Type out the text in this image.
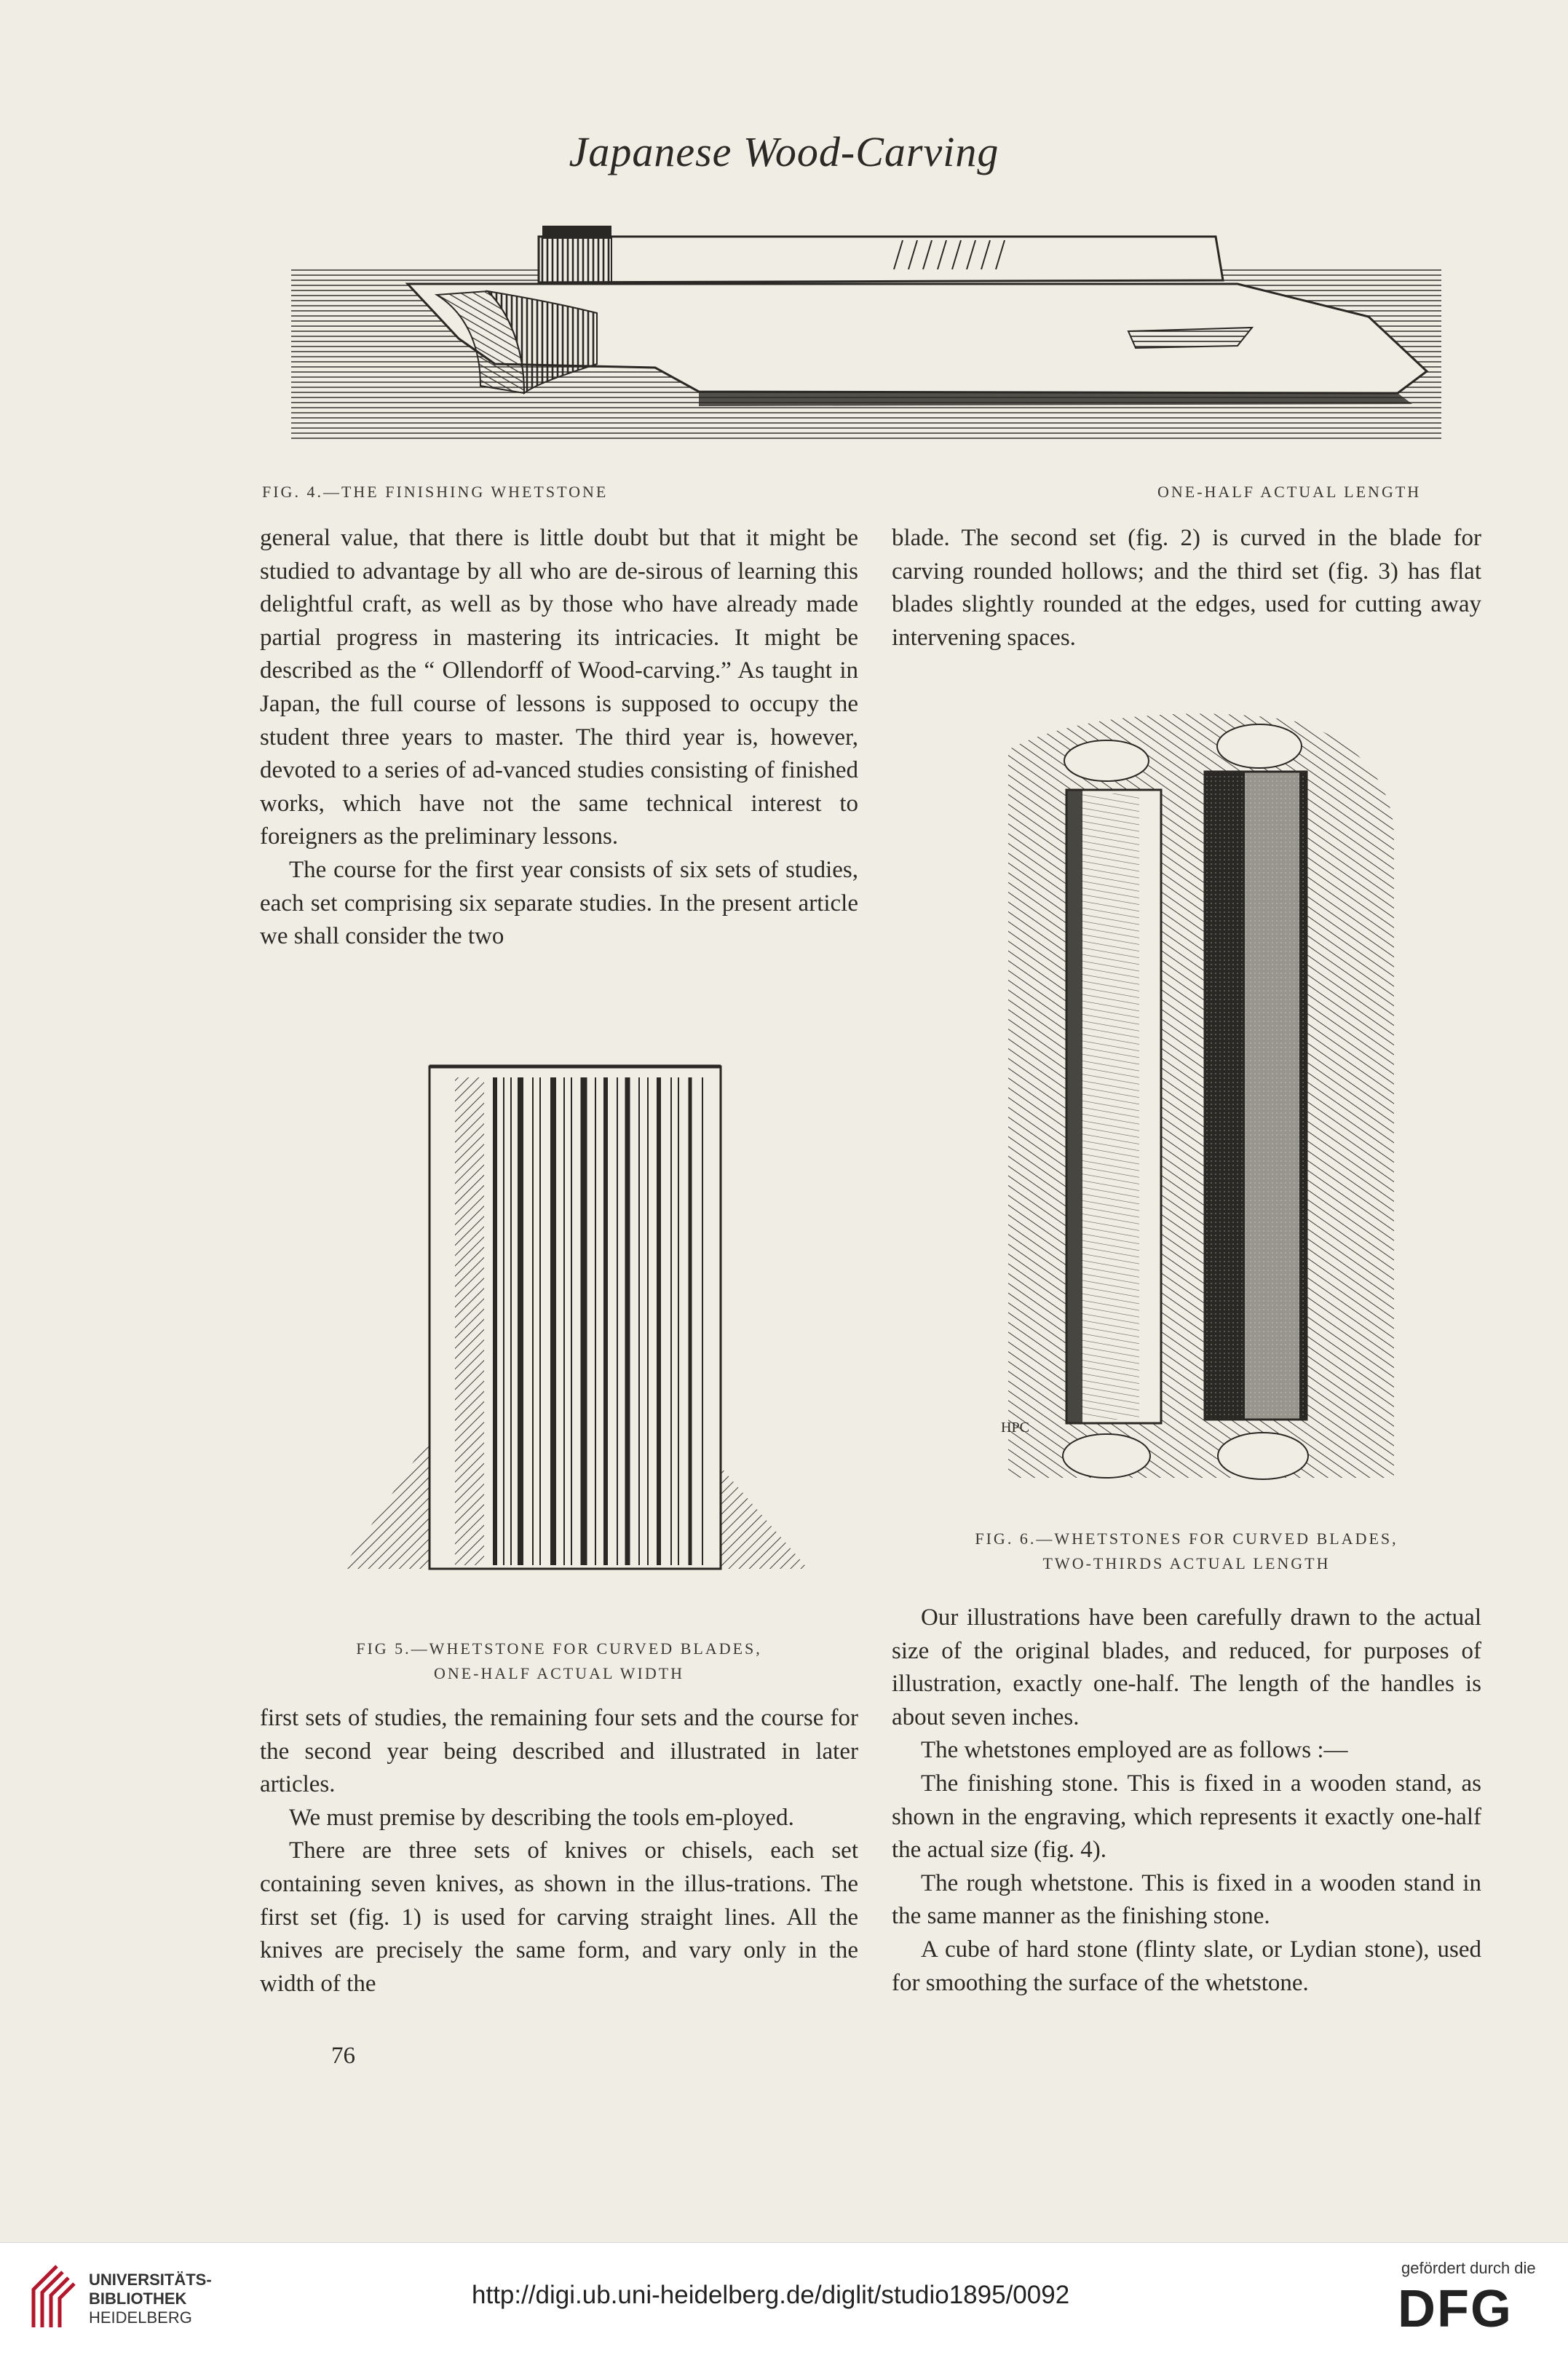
Japanese Wood-Carving
FIG. 4.—THE FINISHING WHETSTONE	ONE-HALF ACTUAL LENGTH

general value, that there is little doubt but that it might be studied to advantage by all who are de-sirous of learning this delightful craft, as well as by those who have already made partial progress in mastering its intricacies. It might be described as the “ Ollendorff of Wood-carving.” As taught in Japan, the full course of lessons is supposed to occupy the student three years to master. The third year is, however, devoted to a series of ad-vanced studies consisting of finished works, which have not the same technical interest to foreigners as the preliminary lessons.

The course for the first year consists of six sets of studies, each set comprising six separate studies. In the present article we shall consider the two

FIG 5.—WHETSTONE FOR CURVED BLADES,
ONE-HALF ACTUAL WIDTH

first sets of studies, the remaining four sets and the course for the second year being described and illustrated in later articles.

We must premise by describing the tools em-ployed.

There are three sets of knives or chisels, each set containing seven knives, as shown in the illus-trations. The first set (fig. 1) is used for carving straight lines. All the knives are precisely the same form, and vary only in the width of the

76

blade. The second set (fig. 2) is curved in the blade for carving rounded hollows; and the third set (fig. 3) has flat blades slightly rounded at the edges, used for cutting away intervening spaces.

HPC
FIG. 6.—WHETSTONES FOR CURVED BLADES,
TWO-THIRDS ACTUAL LENGTH

Our illustrations have been carefully drawn to the actual size of the original blades, and reduced, for purposes of illustration, exactly one-half. The length of the handles is about seven inches.

The whetstones employed are as follows :—

The finishing stone. This is fixed in a wooden stand, as shown in the engraving, which represents it exactly one-half the actual size (fig. 4).

The rough whetstone. This is fixed in a wooden stand in the same manner as the finishing stone.

A cube of hard stone (flinty slate, or Lydian stone), used for smoothing the surface of the whetstone.

UNIVERSITÄTS-
BIBLIOTHEK
HEIDELBERG
http://digi.ub.uni-heidelberg.de/diglit/studio1895/0092
gefördert durch die
DFG
